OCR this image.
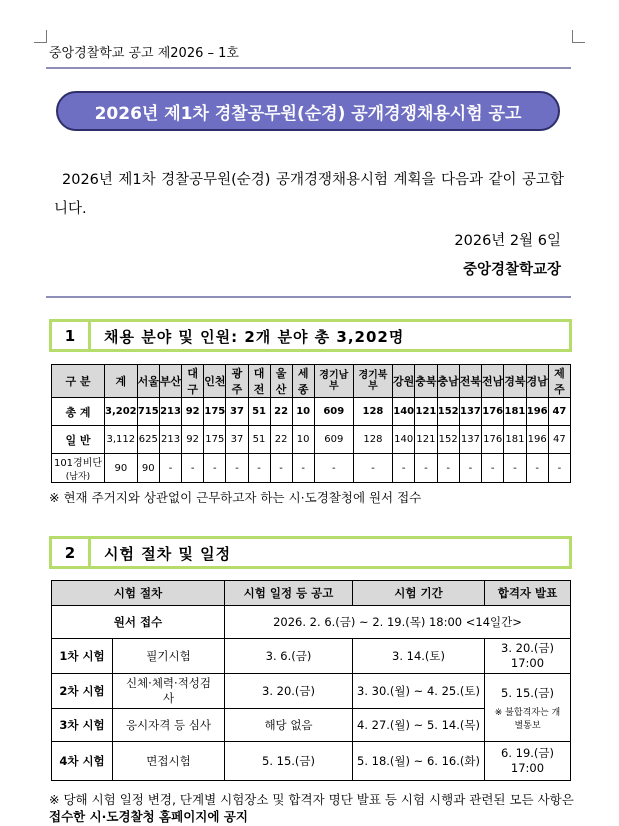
중앙경찰학교 공고 제2026 – 1호
2026년 제1차 경찰공무원(순경) 공개경쟁채용시험 공고
2026년 제1차 경찰공무원(순경) 공개경쟁채용시험 계획을 다음과 같이 공고합니다.
2026년 2월 6일
중앙경찰학교장
1	채용 분야 및 인원: 2개 분야 총 3,202명
구 분	계	서울	부산	대구	인천	광주	대전	울산	세종	경기남부	경기북부	강원	충북	충남	전북	전남	경북	경남	제주

총 계	3,202	715	213	92	175	37	51	22	10	609	128	140	121	152	137	176	181	196	47

일 반	3,112	625	213	92	175	37	51	22	10	609	128	140	121	152	137	176	181	196	47

101경비단
(남자)	90	90	-	-	-	-	-	-	-	-	-	-	-	-	-	-	-	-	-
※ 현재 주거지와 상관없이 근무하고자 하는 시·도경찰청에 원서 접수
2	시험 절차 및 일정
시험 절차		시험 일정 등 공고	시험 기간	합격자 발표
원서 접수		2026. 2. 6.(금) ~ 2. 19.(목) 18:00 <14일간>		
1차 시험	필기시험	3. 6.(금)	3. 14.(토)	3. 20.(금) 17:00
2차 시험	신체·체력·적성검사	3. 20.(금)	3. 30.(월) ~ 4. 25.(토)	5. 15.(금)
※ 불합격자는 개별통보

3차 시험	응시자격 등 심사	해당 없음	4. 27.(월) ~ 5. 14.(목)	
4차 시험	면접시험	5. 15.(금)	5. 18.(월) ~ 6. 16.(화)	6. 19.(금) 17:00
※ 당해 시험 일정 변경, 단계별 시험장소 및 합격자 명단 발표 등 시험 시행과 관련된 모든 사항은 접수한 시·도경찰청 홈페이지에 공지
